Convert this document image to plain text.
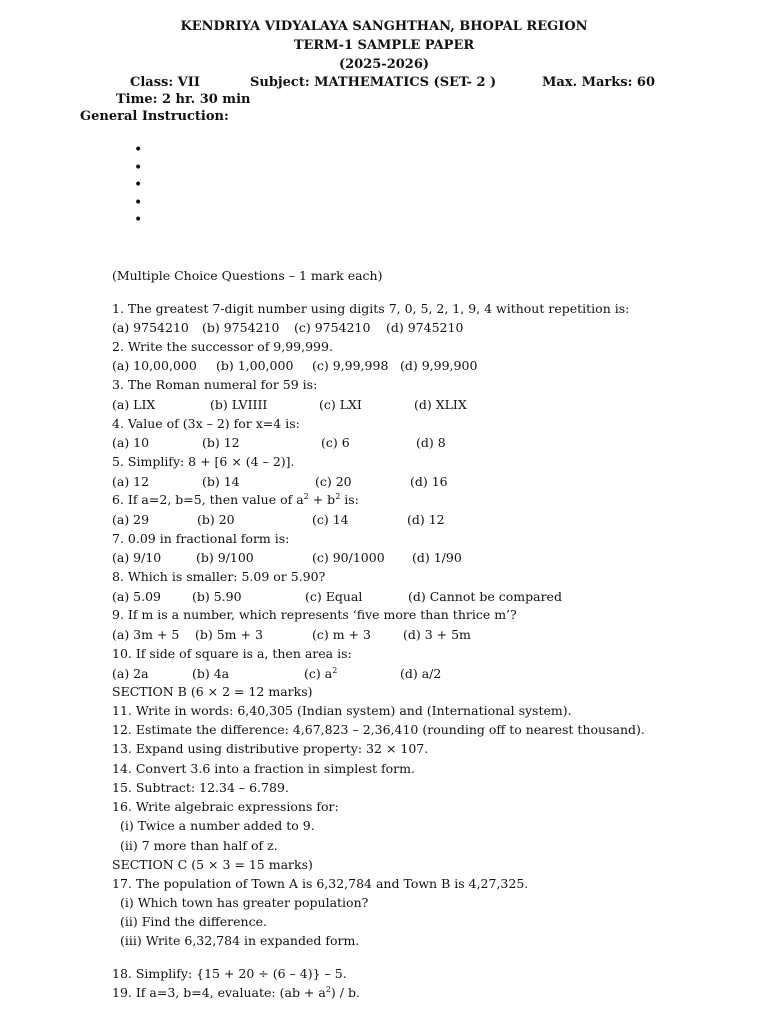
KENDRIYA VIDYALAYA SANGHTHAN, BHOPAL REGION
TERM-1 SAMPLE PAPER
(2025-2026)
Class: VII	Subject: MATHEMATICS (SET- 2 )	Max. Marks: 60
Time: 2 hr. 30 min
General Instruction:
•
•
•
•
•
(Multiple Choice Questions – 1 mark each)
1. The greatest 7-digit number using digits 7, 0, 5, 2, 1, 9, 4 without repetition is:
(a) 9754210 (b) 9754210 (c) 9754210 (d) 9745210
2. Write the successor of 9,99,999.
(a) 10,00,000 (b) 1,00,000 (c) 9,99,998 (d) 9,99,900
3. The Roman numeral for 59 is:
(a) LIX	(b) LVIIII	(c) LXI	(d) XLIX
4. Value of (3x – 2) for x=4 is:
(a) 10	(b) 12	(c) 6	(d) 8
5. Simplify: 8 + [6 × (4 – 2)].
(a) 12	(b) 14	(c) 20	(d) 16
6. If a=2, b=5, then value of $a^2 + b^2$ is:
(a) 29	(b) 20	(c) 14	(d) 12
7. 0.09 in fractional form is:
(a) 9/10	(b) 9/100	(c) 90/1000 (d) 1/90
8. Which is smaller: 5.09 or 5.90?
(a) 5.09 (b) 5.90	(c) Equal	(d) Cannot be compared
9. If m is a number, which represents ‘five more than thrice m’?
(a) 3m + 5 (b) 5m + 3	(c) m + 3	(d) 3 + 5m
10. If side of square is a, then area is:
(a) 2a	(b) 4a	(c) $a^2$	(d) a/2
SECTION B (6 × 2 = 12 marks)
11. Write in words: 6,40,305 (Indian system) and (International system).
12. Estimate the difference: 4,67,823 – 2,36,410 (rounding off to nearest thousand).
13. Expand using distributive property: 32 × 107.
14. Convert 3.6 into a fraction in simplest form.
15. Subtract: 12.34 – 6.789.
16. Write algebraic expressions for:
(i) Twice a number added to 9.
(ii) 7 more than half of z.
SECTION C (5 × 3 = 15 marks)
17. The population of Town A is 6,32,784 and Town B is 4,27,325.
(i) Which town has greater population?
(ii) Find the difference.
(iii) Write 6,32,784 in expanded form.
18. Simplify: {15 + 20 ÷ (6 – 4)} – 5.
19. If a=3, b=4, evaluate: $(ab + a^2) / b$.
